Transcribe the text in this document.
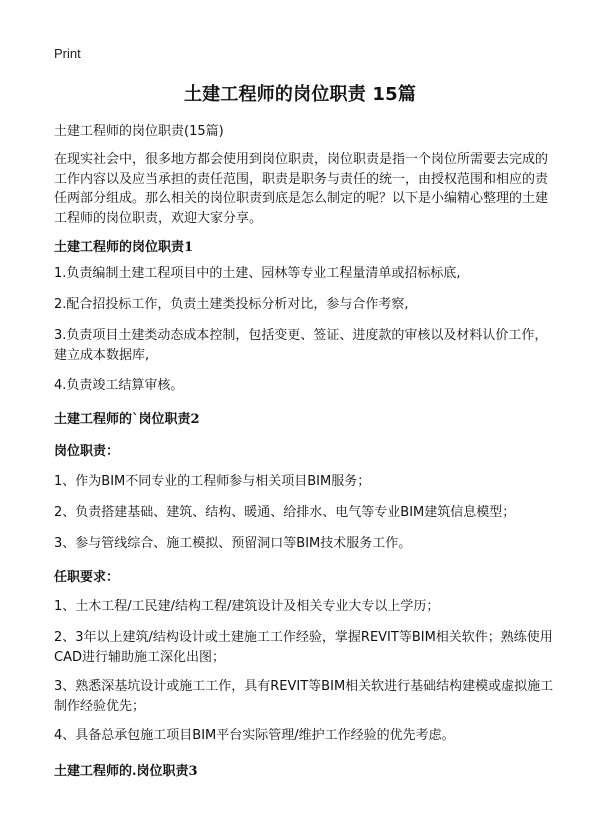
Print
土建工程师的岗位职责 15篇
土建工程师的岗位职责(15篇)
在现实社会中，很多地方都会使用到岗位职责，岗位职责是指一个岗位所需要去完成的工作内容以及应当承担的责任范围，职责是职务与责任的统一，由授权范围和相应的责任两部分组成。那么相关的岗位职责到底是怎么制定的呢？以下是小编精心整理的土建工程师的岗位职责，欢迎大家分享。
土建工程师的岗位职责1
1.负责编制土建工程项目中的土建、园林等专业工程量清单或招标标底,
2.配合招投标工作，负责土建类投标分析对比，参与合作考察,
3.负责项目土建类动态成本控制，包括变更、签证、进度款的审核以及材料认价工作，建立成本数据库,
4.负责竣工结算审核。
土建工程师的`岗位职责2
岗位职责：
1、作为BIM不同专业的工程师参与相关项目BIM服务；
2、负责搭建基础、建筑、结构、暖通、给排水、电气等专业BIM建筑信息模型；
3、参与管线综合、施工模拟、预留洞口等BIM技术服务工作。
任职要求：
1、土木工程/工民建/结构工程/建筑设计及相关专业大专以上学历；
2、3年以上建筑/结构设计或土建施工工作经验，掌握REVIT等BIM相关软件；熟练使用CAD进行辅助施工深化出图；
3、熟悉深基坑设计或施工工作，具有REVIT等BIM相关软进行基础结构建模或虚拟施工制作经验优先；
4、具备总承包施工项目BIM平台实际管理/维护工作经验的优先考虑。
土建工程师的.岗位职责3
